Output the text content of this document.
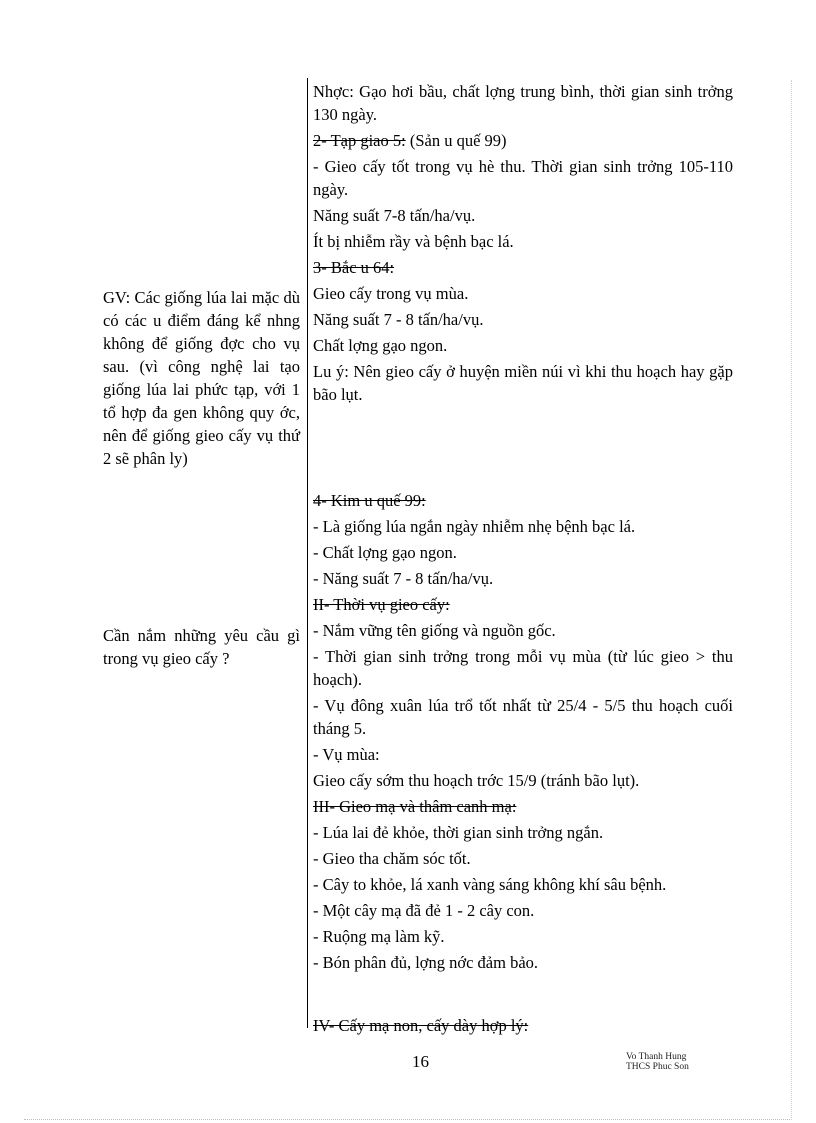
Nhợc: Gạo hơi bầu, chất lợng trung bình, thời gian sinh trởng 130 ngày.

2- Tạp giao 5: (Sản u quế 99)

- Gieo cấy tốt trong vụ hè thu. Thời gian sinh trởng 105-110 ngày.

Năng suất 7-8 tấn/ha/vụ.

Ít bị nhiễm rầy và bệnh bạc lá.

3- Bắc u 64:

Gieo cấy trong vụ mùa.

Năng suất 7 - 8 tấn/ha/vụ.

Chất lợng gạo ngon.

Lu ý: Nên gieo cấy ở huyện miền núi vì khi thu hoạch hay gặp bão lụt.

4- Kim u quế 99:

- Là giống lúa ngắn ngày nhiễm nhẹ bệnh bạc lá.

- Chất lợng gạo ngon.

- Năng suất 7 - 8 tấn/ha/vụ.

II- Thời vụ gieo cấy:

- Nắm vững tên giống và nguồn gốc.

- Thời gian sinh trởng trong mỗi vụ mùa (từ lúc gieo > thu hoạch).

- Vụ đông xuân lúa trổ tốt nhất từ 25/4 - 5/5 thu hoạch cuối tháng 5.

- Vụ mùa:

Gieo cấy sớm thu hoạch trớc 15/9 (tránh bão lụt).

III- Gieo mạ và thâm canh mạ:

- Lúa lai đẻ khỏe, thời gian sinh trởng ngắn.

- Gieo tha chăm sóc tốt.

- Cây to khỏe, lá xanh vàng sáng không khí sâu bệnh.

- Một cây mạ đã đẻ 1 - 2 cây con.

- Ruộng mạ làm kỹ.

- Bón phân đủ, lợng nớc đảm bảo.

IV- Cấy mạ non, cấy dày hợp lý:

GV: Các giống lúa lai mặc dù có các u điểm đáng kể nhng không để giống đợc cho vụ sau. (vì công nghệ lai tạo giống lúa lai phức tạp, với 1 tổ hợp đa gen không quy ớc, nên để giống gieo cấy vụ thứ 2 sẽ phân ly)

Cần nắm những yêu cầu gì trong vụ gieo cấy ?

16	Vo Thanh Hung
THCS Phuc Son
